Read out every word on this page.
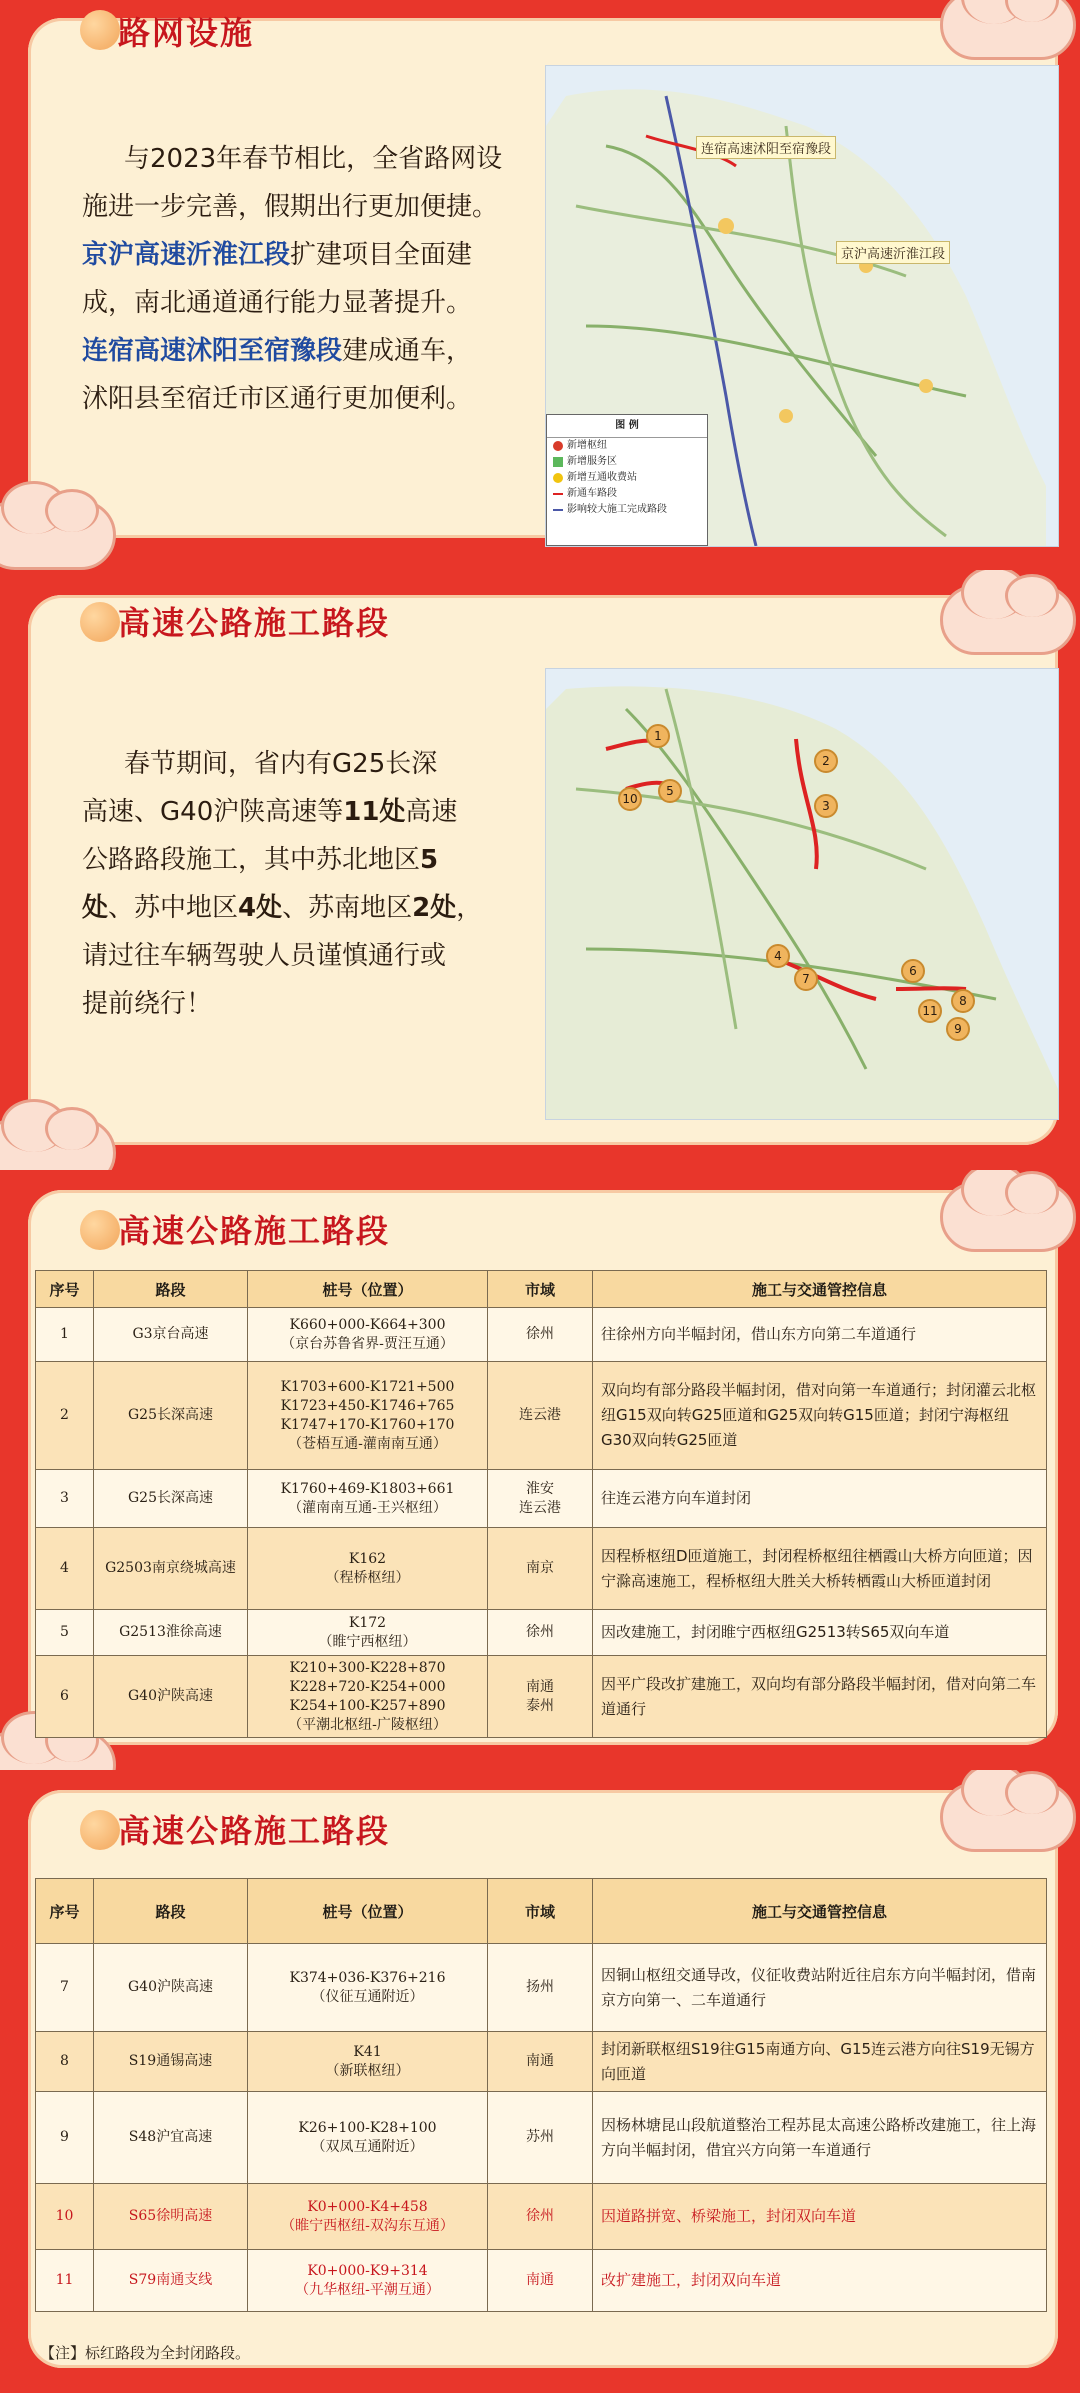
路网设施
与2023年春节相比，全省路网设
施进一步完善，假期出行更加便捷。
京沪高速沂淮江段扩建项目全面建
成，南北通道通行能力显著提升。
连宿高速沭阳至宿豫段建成通车，
沭阳县至宿迁市区通行更加便利。
连宿高速沭阳至宿豫段
京沪高速沂淮江段
图 例
新增枢纽
新增服务区
新增互通收费站
新通车路段
影响较大施工完成路段
高速公路施工路段
春节期间，省内有G25长深
高速、G40沪陕高速等11处高速
公路路段施工，其中苏北地区5
处、苏中地区4处、苏南地区2处，
请过往车辆驾驶人员谨慎通行或
提前绕行！
1
2
3
4
5
6
7
8
9
10
11
高速公路施工路段
序号	路段	桩号（位置）	市域	施工与交通管控信息
1	G3京台高速	K660+000-K664+300
（京台苏鲁省界-贾汪互通）	徐州	往徐州方向半幅封闭，借山东方向第二车道通行
2	G25长深高速	K1703+600-K1721+500
K1723+450-K1746+765
K1747+170-K1760+170
（苍梧互通-灌南南互通）	连云港	双向均有部分路段半幅封闭，借对向第一车道通行；封闭灌云北枢纽G15双向转G25匝道和G25双向转G15匝道；封闭宁海枢纽G30双向转G25匝道
3	G25长深高速	K1760+469-K1803+661
（灌南南互通-王兴枢纽）	淮安
连云港	往连云港方向车道封闭
4	G2503南京绕城高速	K162
（程桥枢纽）	南京	因程桥枢纽D匝道施工，封闭程桥枢纽往栖霞山大桥方向匝道；因宁滁高速施工，程桥枢纽大胜关大桥转栖霞山大桥匝道封闭
5	G2513淮徐高速	K172
（睢宁西枢纽）	徐州	因改建施工，封闭睢宁西枢纽G2513转S65双向车道
6	G40沪陕高速	K210+300-K228+870
K228+720-K254+000
K254+100-K257+890
（平潮北枢纽-广陵枢纽）	南通
泰州	因平广段改扩建施工，双向均有部分路段半幅封闭，借对向第二车道通行
高速公路施工路段
序号	路段	桩号（位置）	市域	施工与交通管控信息
7	G40沪陕高速	K374+036-K376+216
（仪征互通附近）	扬州	因铜山枢纽交通导改，仪征收费站附近往启东方向半幅封闭，借南京方向第一、二车道通行
8	S19通锡高速	K41
（新联枢纽）	南通	封闭新联枢纽S19往G15南通方向、G15连云港方向往S19无锡方向匝道
9	S48沪宜高速	K26+100-K28+100
（双凤互通附近）	苏州	因杨林塘昆山段航道整治工程苏昆太高速公路桥改建施工，往上海方向半幅封闭，借宜兴方向第一车道通行
10	S65徐明高速	K0+000-K4+458
（睢宁西枢纽-双沟东互通）	徐州	因道路拼宽、桥梁施工，封闭双向车道
11	S79南通支线	K0+000-K9+314
（九华枢纽-平潮互通）	南通	改扩建施工，封闭双向车道
【注】标红路段为全封闭路段。
